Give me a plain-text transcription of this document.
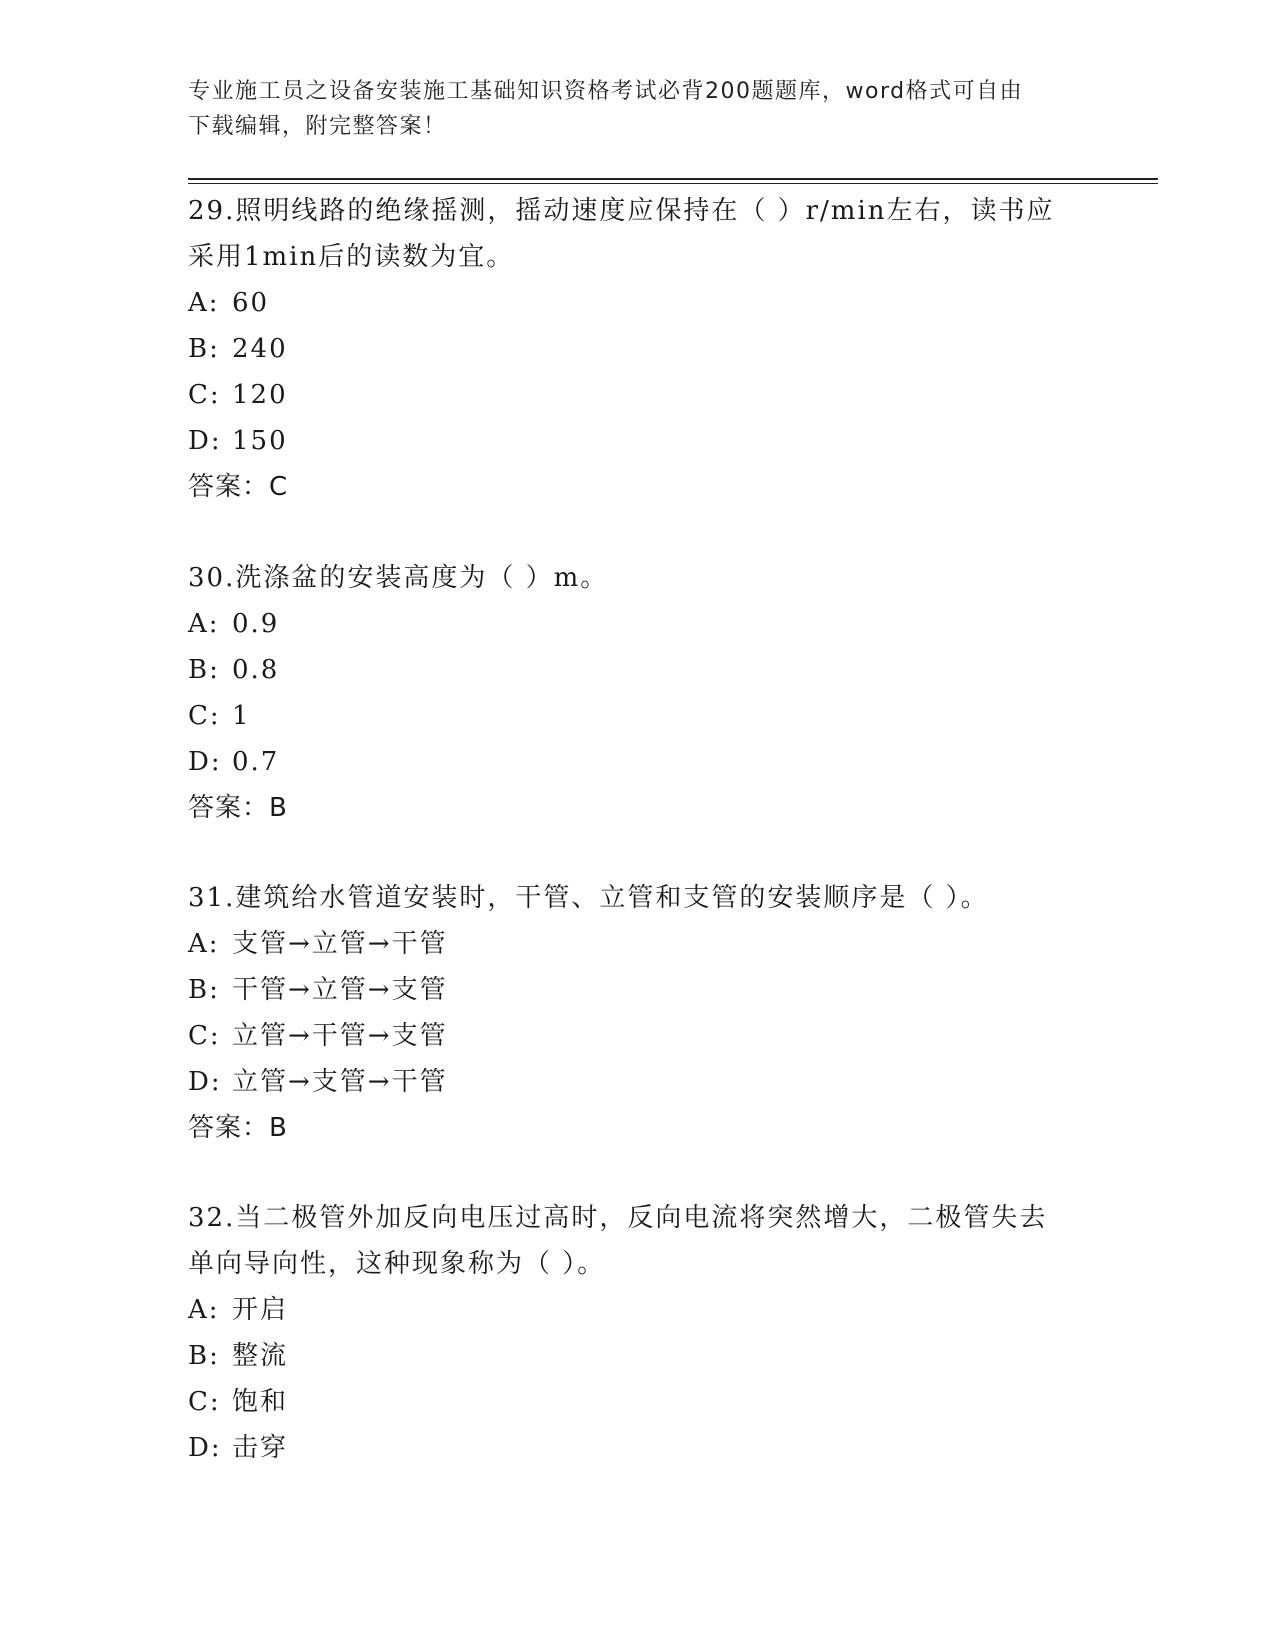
专业施工员之设备安装施工基础知识资格考试必背200题题库，word格式可自由
下载编辑，附完整答案！
29.照明线路的绝缘摇测，摇动速度应保持在（ ）r/min左右，读书应
采用1min后的读数为宜。
A: 60
B: 240
C: 120
D: 150
答案：C
30.洗涤盆的安装高度为（ ）m。
A: 0.9
B: 0.8
C: 1
D: 0.7
答案：B
31.建筑给水管道安装时，干管、立管和支管的安装顺序是（ ）。
A: 支管→立管→干管
B: 干管→立管→支管
C: 立管→干管→支管
D: 立管→支管→干管
答案：B
32.当二极管外加反向电压过高时，反向电流将突然增大，二极管失去
单向导向性，这种现象称为（ ）。
A: 开启
B: 整流
C: 饱和
D: 击穿
